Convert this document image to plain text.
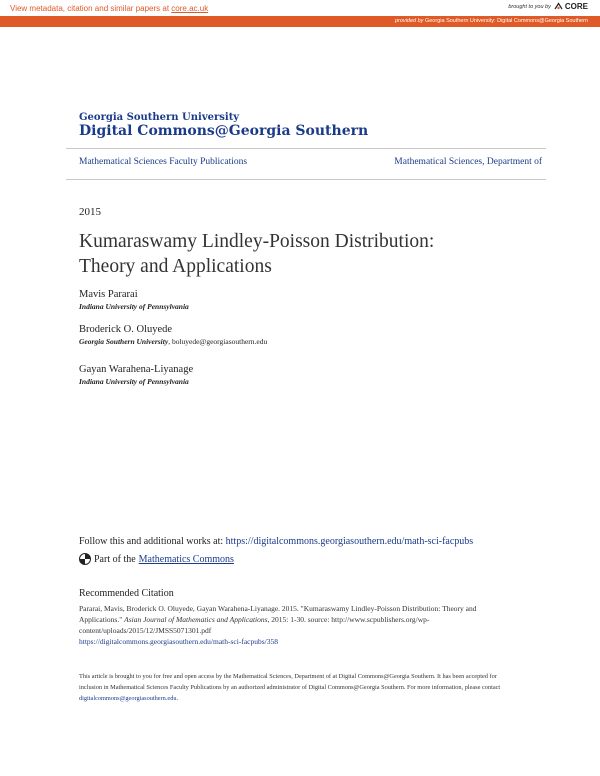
View metadata, citation and similar papers at core.ac.uk	brought to you by CORE
provided by Georgia Southern University: Digital Commons@Georgia Southern
Georgia Southern University
Digital Commons@Georgia Southern
Mathematical Sciences Faculty Publications	Mathematical Sciences, Department of
2015
Kumaraswamy Lindley-Poisson Distribution:
Theory and Applications
Mavis Pararai
Indiana University of Pennsylvania
Broderick O. Oluyede
Georgia Southern University, boluyede@georgiasouthern.edu
Gayan Warahena-Liyanage
Indiana University of Pennsylvania
Follow this and additional works at: https://digitalcommons.georgiasouthern.edu/math-sci-facpubs
Part of the Mathematics Commons
Recommended Citation
Pararai, Mavis, Broderick O. Oluyede, Gayan Warahena-Liyanage. 2015. "Kumaraswamy Lindley-Poisson Distribution: Theory and Applications." Asian Journal of Mathematics and Applications, 2015: 1-30. source: http://www.scpublishers.org/wp-content/uploads/2015/12/JMSS5071301.pdf
https://digitalcommons.georgiasouthern.edu/math-sci-facpubs/358
This article is brought to you for free and open access by the Mathematical Sciences, Department of at Digital Commons@Georgia Southern. It has been accepted for inclusion in Mathematical Sciences Faculty Publications by an authorized administrator of Digital Commons@Georgia Southern. For more information, please contact digitalcommons@georgiasouthern.edu.
